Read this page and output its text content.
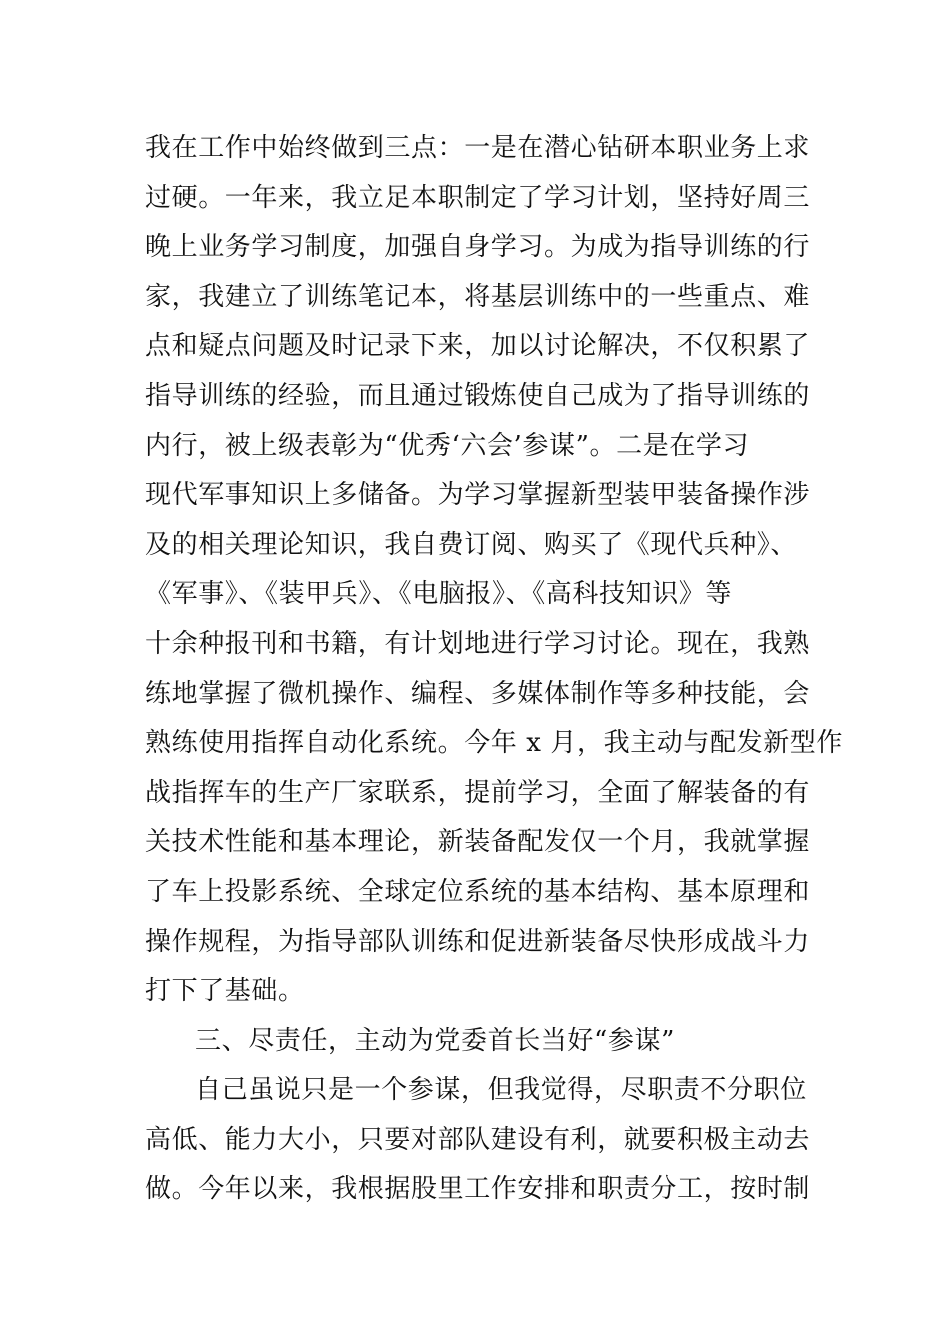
我在工作中始终做到三点：一是在潜心钻研本职业务上求
过硬。一年来，我立足本职制定了学习计划，坚持好周三
晚上业务学习制度，加强自身学习。为成为指导训练的行
家，我建立了训练笔记本，将基层训练中的一些重点、难
点和疑点问题及时记录下来，加以讨论解决，不仅积累了
指导训练的经验，而且通过锻炼使自己成为了指导训练的
内行，被上级表彰为“优秀‘六会’参谋”。二是在学习
现代军事知识上多储备。为学习掌握新型装甲装备操作涉
及的相关理论知识，我自费订阅、购买了《现代兵种》、
《军事》、《装甲兵》、《电脑报》、《高科技知识》等
十余种报刊和书籍，有计划地进行学习讨论。现在，我熟
练地掌握了微机操作、编程、多媒体制作等多种技能，会
熟练使用指挥自动化系统。今年 x 月，我主动与配发新型作
战指挥车的生产厂家联系，提前学习，全面了解装备的有
关技术性能和基本理论，新装备配发仅一个月，我就掌握
了车上投影系统、全球定位系统的基本结构、基本原理和
操作规程，为指导部队训练和促进新装备尽快形成战斗力
打下了基础。
三、尽责任，主动为党委首长当好“参谋”
自己虽说只是一个参谋，但我觉得，尽职责不分职位
高低、能力大小，只要对部队建设有利，就要积极主动去
做。今年以来，我根据股里工作安排和职责分工，按时制
